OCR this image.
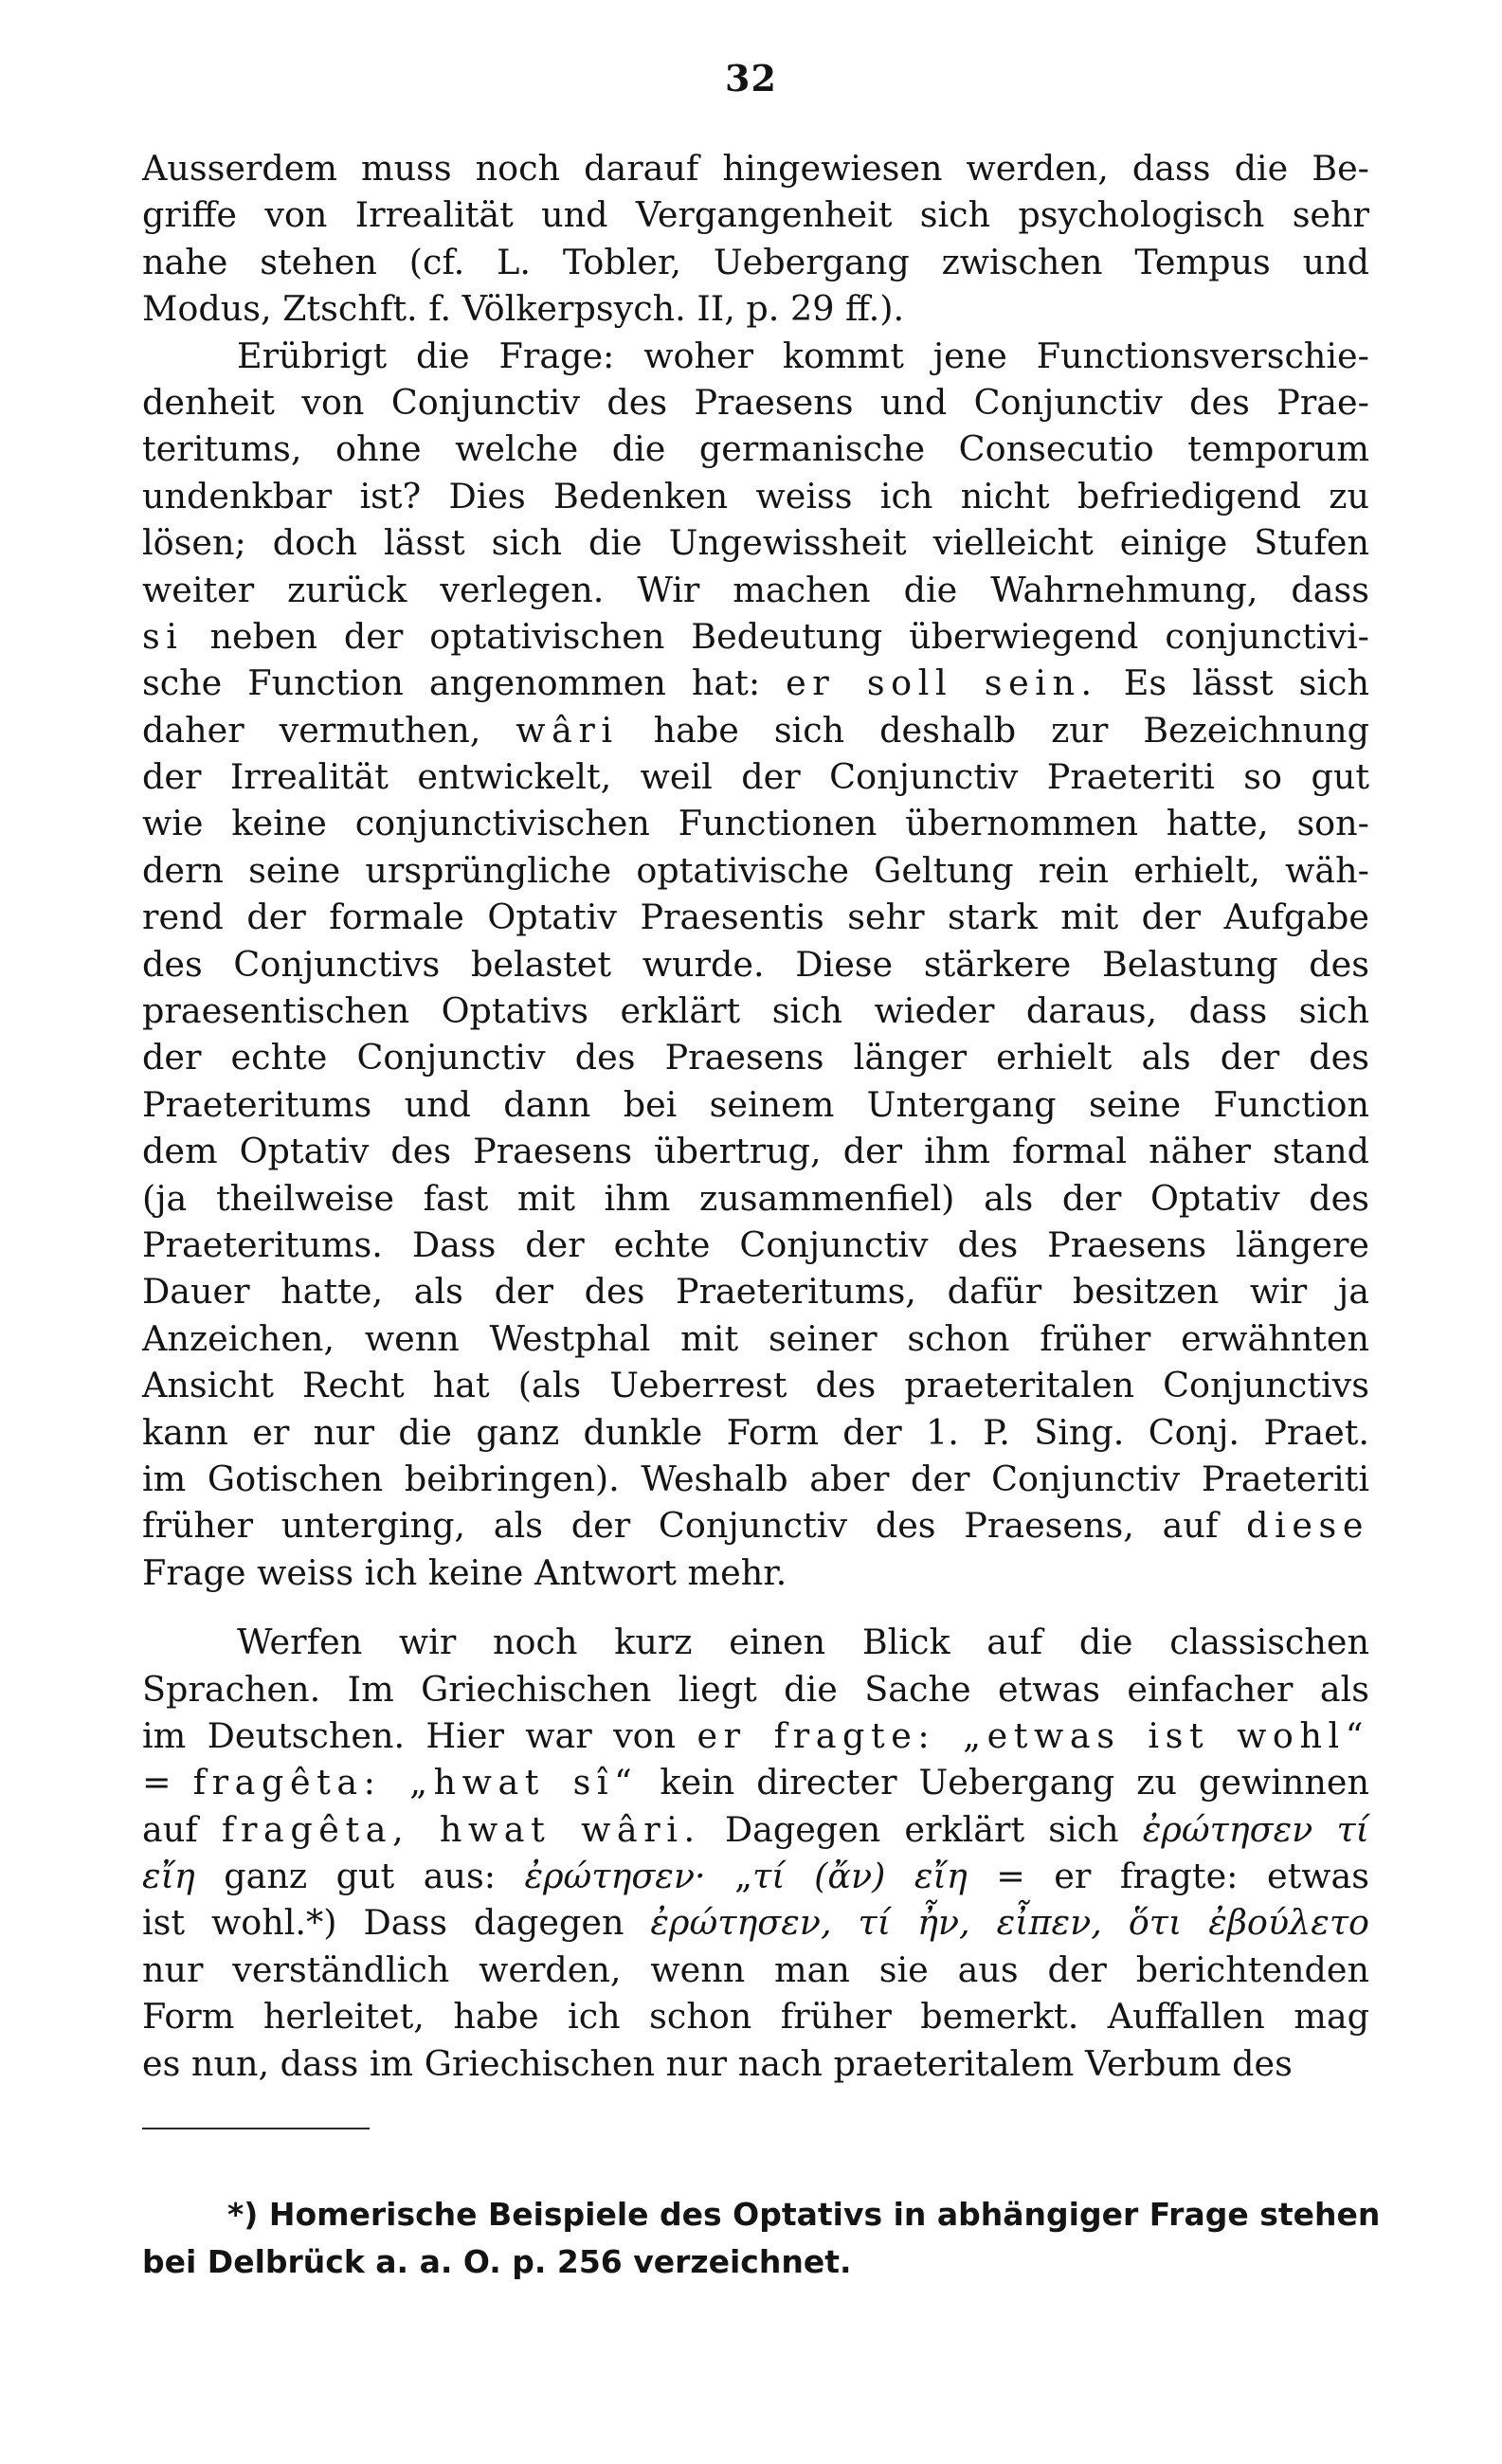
32
Ausserdem muss noch darauf hingewiesen werden, dass die Be-
griffe von Irrealität und Vergangenheit sich psychologisch sehr
nahe stehen (cf. L. Tobler, Uebergang zwischen Tempus und
Modus, Ztschft. f. Völkerpsych. II, p. 29 ff.).
Erübrigt die Frage: woher kommt jene Functionsverschie-
denheit von Conjunctiv des Praesens und Conjunctiv des Prae-
teritums, ohne welche die germanische Consecutio temporum
undenkbar ist? Dies Bedenken weiss ich nicht befriedigend zu
lösen; doch lässt sich die Ungewissheit vielleicht einige Stufen
weiter zurück verlegen. Wir machen die Wahrnehmung, dass
si neben der optativischen Bedeutung überwiegend conjunctivi-
sche Function angenommen hat: er soll sein. Es lässt sich
daher vermuthen, wâri habe sich deshalb zur Bezeichnung
der Irrealität entwickelt, weil der Conjunctiv Praeteriti so gut
wie keine conjunctivischen Functionen übernommen hatte, son-
dern seine ursprüngliche optativische Geltung rein erhielt, wäh-
rend der formale Optativ Praesentis sehr stark mit der Aufgabe
des Conjunctivs belastet wurde. Diese stärkere Belastung des
praesentischen Optativs erklärt sich wieder daraus, dass sich
der echte Conjunctiv des Praesens länger erhielt als der des
Praeteritums und dann bei seinem Untergang seine Function
dem Optativ des Praesens übertrug, der ihm formal näher stand
(ja theilweise fast mit ihm zusammenfiel) als der Optativ des
Praeteritums. Dass der echte Conjunctiv des Praesens längere
Dauer hatte, als der des Praeteritums, dafür besitzen wir ja
Anzeichen, wenn Westphal mit seiner schon früher erwähnten
Ansicht Recht hat (als Ueberrest des praeteritalen Conjunctivs
kann er nur die ganz dunkle Form der 1. P. Sing. Conj. Praet.
im Gotischen beibringen). Weshalb aber der Conjunctiv Praeteriti
früher unterging, als der Conjunctiv des Praesens, auf diese
Frage weiss ich keine Antwort mehr.
Werfen wir noch kurz einen Blick auf die classischen
Sprachen. Im Griechischen liegt die Sache etwas einfacher als
im Deutschen. Hier war von er fragte: „etwas ist wohl“
= fragêta: „hwat sî“ kein directer Uebergang zu gewinnen
auf fragêta, hwat wâri. Dagegen erklärt sich ἐρώτησεν τί
εἴη ganz gut aus: ἐρώτησεν· „τί (ἄν) εἴη = er fragte: etwas
ist wohl.*) Dass dagegen ἐρώτησεν, τί ἦν, εἶπεν, ὅτι ἐβούλετο
nur verständlich werden, wenn man sie aus der berichtenden
Form herleitet, habe ich schon früher bemerkt. Auffallen mag
es nun, dass im Griechischen nur nach praeteritalem Verbum des
*) Homerische Beispiele des Optativs in abhängiger Frage stehen
bei Delbrück a. a. O. p. 256 verzeichnet.
